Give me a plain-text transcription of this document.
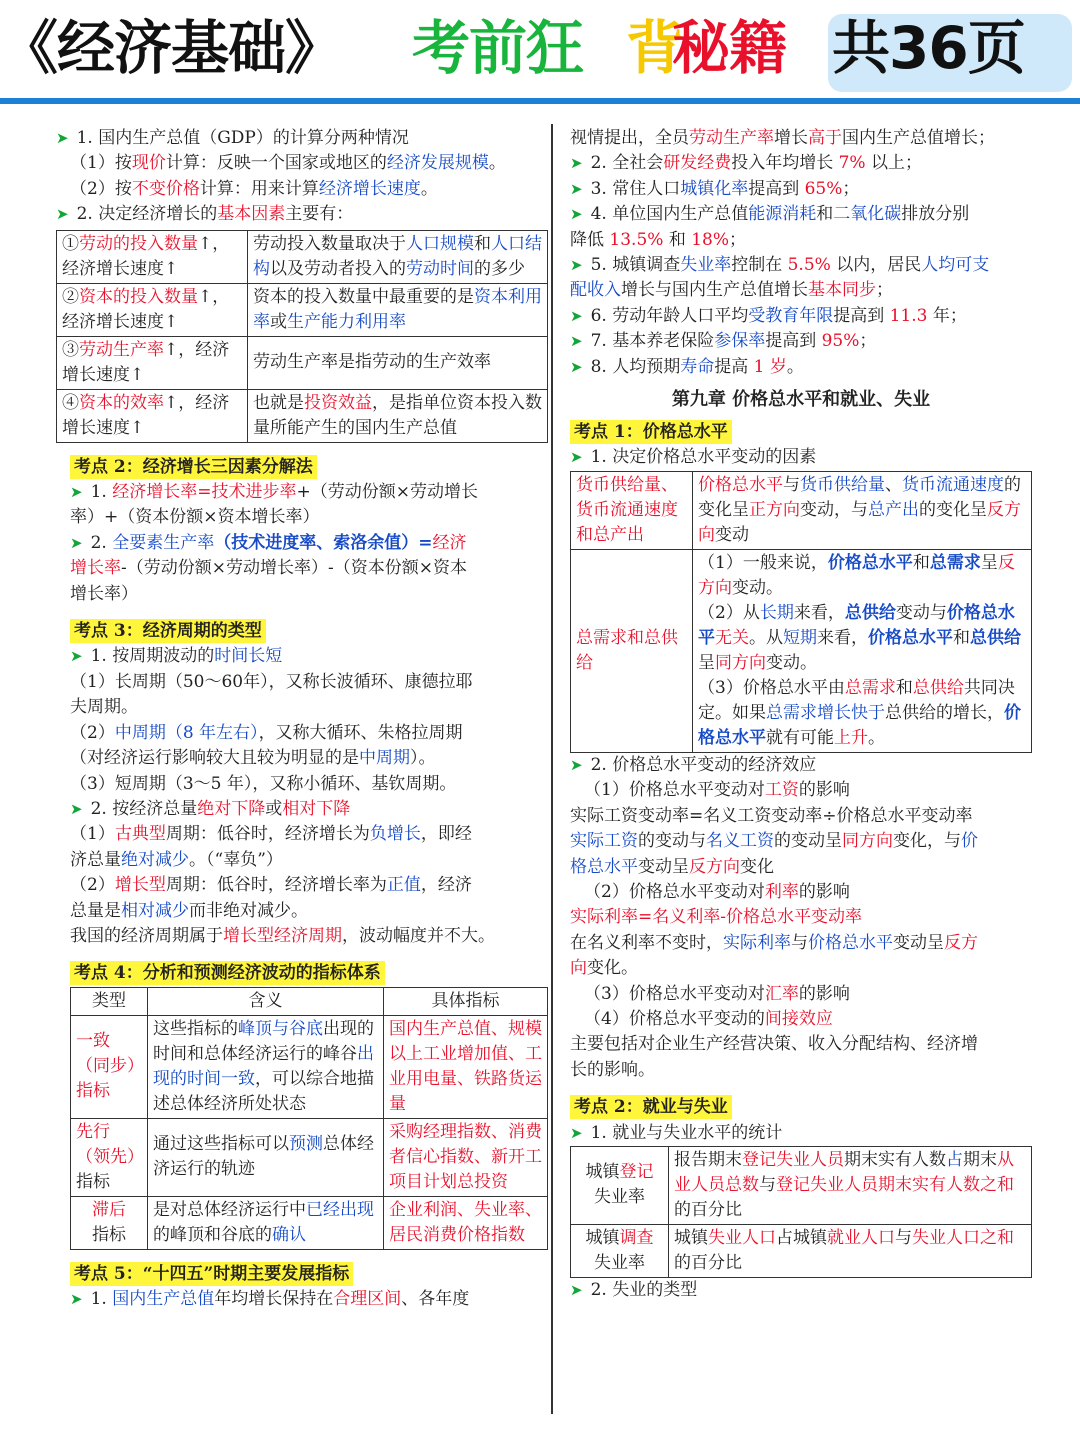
《经济基础》 考前狂 背
秘籍 共36页
➤ 1. 国内生产总值（GDP）的计算分两种情况
（1）按现价计算：反映一个国家或地区的经济发展规模。
（2）按不变价格计算：用来计算经济增长速度。
➤ 2. 决定经济增长的基本因素主要有：
①劳动的投入数量↑，经济增长速度↑	劳动投入数量取决于人口规模和人口结构以及劳动者投入的劳动时间的多少
②资本的投入数量↑，经济增长速度↑	资本的投入数量中最重要的是资本利用率或生产能力利用率
③劳动生产率↑，经济增长速度↑	劳动生产率是指劳动的生产效率
④资本的效率↑，经济增长速度↑	也就是投资效益，是指单位资本投入数量所能产生的国内生产总值
考点 2：经济增长三因素分解法
➤ 1. 经济增长率=技术进步率+（劳动份额×劳动增长
率）+（资本份额×资本增长率）
➤ 2. 全要素生产率（技术进度率、索洛余值）=经济
增长率-（劳动份额×劳动增长率）-（资本份额×资本
增长率）
考点 3：经济周期的类型
➤ 1. 按周期波动的时间长短
（1）长周期（50～60年），又称长波循环、康德拉耶
夫周期。
（2）中周期（8 年左右），又称大循环、朱格拉周期
（对经济运行影响较大且较为明显的是中周期）。
（3）短周期（3～5 年），又称小循环、基钦周期。
➤ 2. 按经济总量绝对下降或相对下降
（1）古典型周期：低谷时，经济增长为负增长，即经
济总量绝对减少。（“辜负”）
（2）增长型周期：低谷时，经济增长率为正值，经济
总量是相对减少而非绝对减少。
我国的经济周期属于增长型经济周期，波动幅度并不大。
考点 4：分析和预测经济波动的指标体系
类型	含义	具体指标
一致（同步）指标	这些指标的峰顶与谷底出现的时间和总体经济运行的峰谷出现的时间一致，可以综合地描述总体经济所处状态	国内生产总值、规模以上工业增加值、工业用电量、铁路货运量
先行（领先）指标	通过这些指标可以预测总体经济运行的轨迹	采购经理指数、消费者信心指数、新开工项目计划总投资
滞后
指标	是对总体经济运行中已经出现的峰顶和谷底的确认	企业利润、失业率、居民消费价格指数
考点 5：“十四五”时期主要发展指标
➤ 1. 国内生产总值年均增长保持在合理区间、各年度
视情提出，全员劳动生产率增长高于国内生产总值增长；
➤ 2. 全社会研发经费投入年均增长 7% 以上；
➤ 3. 常住人口城镇化率提高到 65%；
➤ 4. 单位国内生产总值能源消耗和二氧化碳排放分别
降低 13.5% 和 18%；
➤ 5. 城镇调查失业率控制在 5.5% 以内，居民人均可支
配收入增长与国内生产总值增长基本同步；
➤ 6. 劳动年龄人口平均受教育年限提高到 11.3 年；
➤ 7. 基本养老保险参保率提高到 95%；
➤ 8. 人均预期寿命提高 1 岁。
第九章 价格总水平和就业、失业
考点 1：价格总水平
➤ 1. 决定价格总水平变动的因素
货币供给量、货币流通速度和总产出	价格总水平与货币供给量、货币流通速度的变化呈正方向变动，与总产出的变化呈反方向变动
总需求和总供给	（1）一般来说，价格总水平和总需求呈反方向变动。
（2）从长期来看，总供给变动与价格总水平无关。从短期来看，价格总水平和总供给呈同方向变动。
（3）价格总水平由总需求和总供给共同决定。如果总需求增长快于总供给的增长，价格总水平就有可能上升。
➤ 2. 价格总水平变动的经济效应
（1）价格总水平变动对工资的影响
实际工资变动率=名义工资变动率÷价格总水平变动率
实际工资的变动与名义工资的变动呈同方向变化，与价
格总水平变动呈反方向变化
（2）价格总水平变动对利率的影响
实际利率=名义利率-价格总水平变动率
在名义利率不变时，实际利率与价格总水平变动呈反方
向变化。
（3）价格总水平变动对汇率的影响
（4）价格总水平变动的间接效应
主要包括对企业生产经营决策、收入分配结构、经济增
长的影响。
考点 2：就业与失业
➤ 1. 就业与失业水平的统计
城镇登记
失业率	报告期末登记失业人员期末实有人数占期末从业人员总数与登记失业人员期末实有人数之和的百分比
城镇调查
失业率	城镇失业人口占城镇就业人口与失业人口之和的百分比
➤ 2. 失业的类型
